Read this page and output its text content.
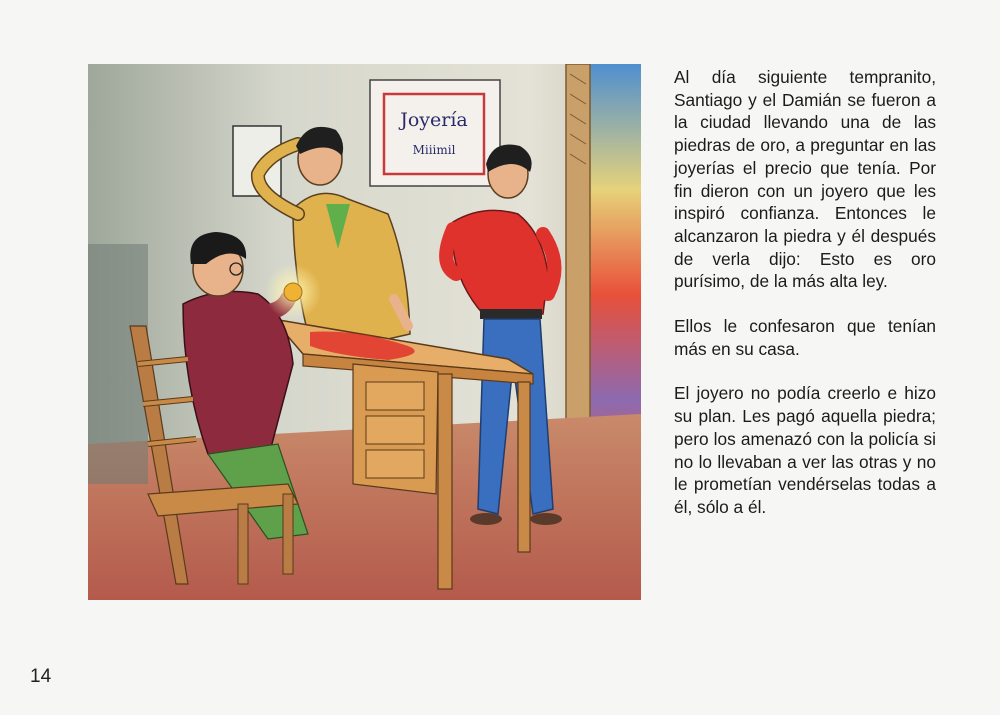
Joyería
Miiimil

Al día siguiente tempranito, Santiago y el Damián se fueron a la ciudad llevando una de las piedras de oro, a preguntar en las joyerías el precio que tenía. Por fin dieron con un joyero que les inspiró confianza. Entonces le alcanzaron la piedra y él después de verla dijo: Esto es oro purísimo, de la más alta ley.

Ellos le confesaron que tenían más en su casa.

El joyero no podía creerlo e hizo su plan. Les pagó aquella piedra; pero los amenazó con la policía si no lo llevaban a ver las otras y no le prometían vendérselas todas a él, sólo a él.

14
